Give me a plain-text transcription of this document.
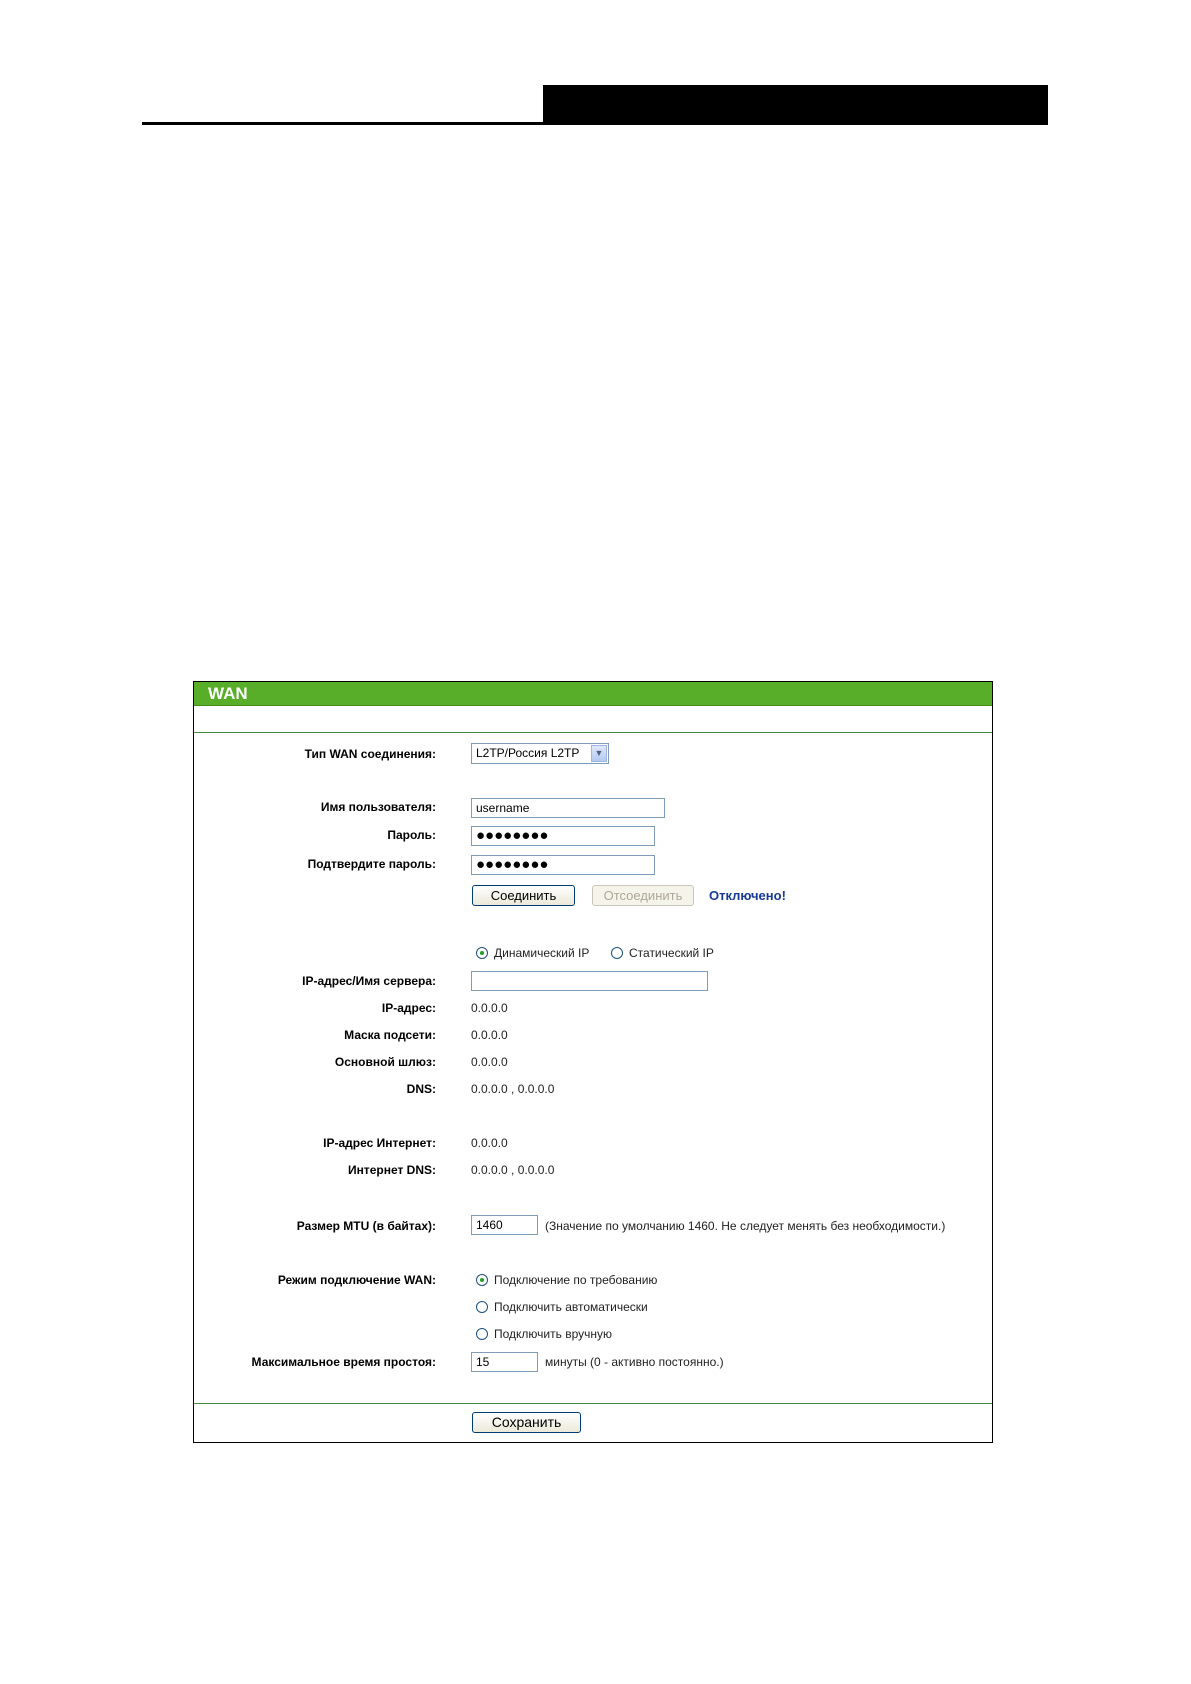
WAN
Тип WAN соединения:	L2TP/Россия L2TP	▼
Имя пользователя:	username
Пароль:	●●●●●●●●
Подтвердите пароль:	●●●●●●●●
Соединить	Отсоединить	Отключено!
Динамический IP	Статический IP
IP-адрес/Имя сервера:
IP-адрес:	0.0.0.0
Маска подсети:	0.0.0.0
Основной шлюз:	0.0.0.0
DNS:	0.0.0.0 , 0.0.0.0
IP-адрес Интернет:	0.0.0.0
Интернет DNS:	0.0.0.0 , 0.0.0.0
Размер MTU (в байтах):	1460	(Значение по умолчанию 1460. Не следует менять без необходимости.)
Режим подключение WAN:	Подключение по требованию
Подключить автоматически
Подключить вручную
Максимальное время простоя:	15	минуты (0 - активно постоянно.)
Сохранить
